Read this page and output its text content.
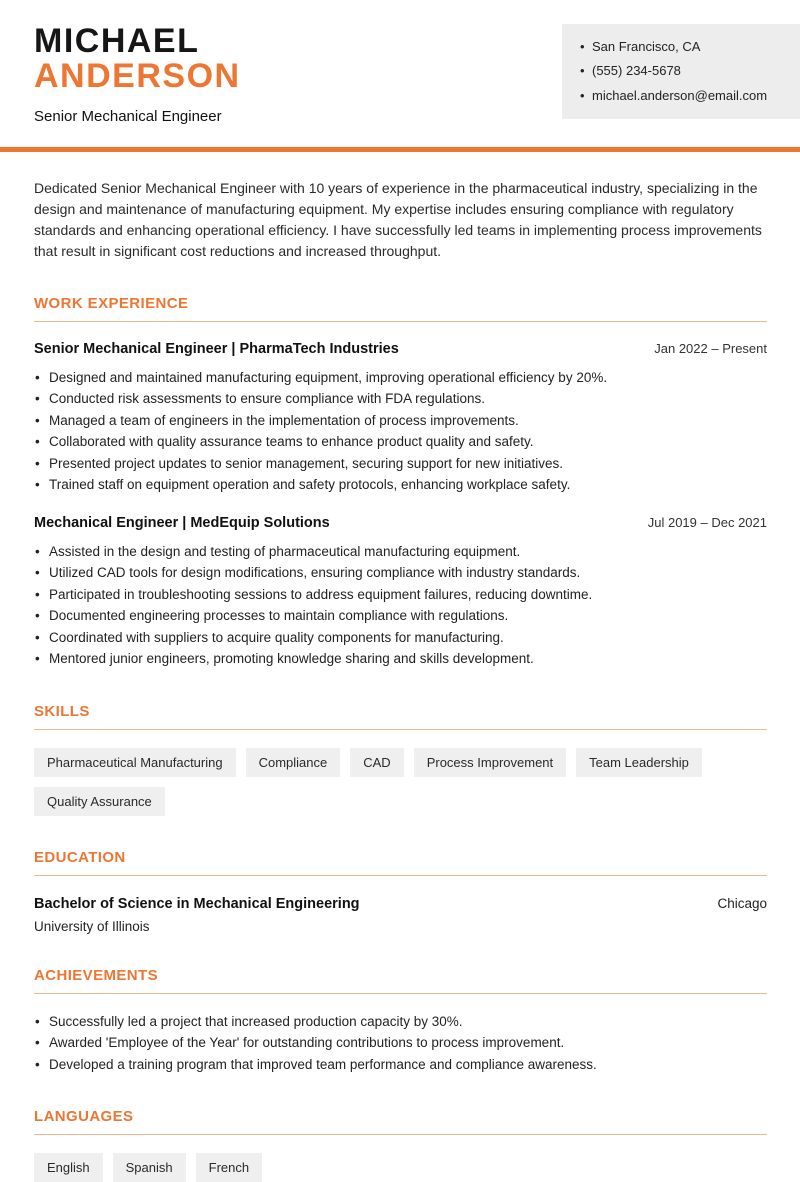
MICHAEL
ANDERSON
Senior Mechanical Engineer
• San Francisco, CA
• (555) 234-5678
• michael.anderson@email.com

Dedicated Senior Mechanical Engineer with 10 years of experience in the pharmaceutical industry, specializing in the design and maintenance of manufacturing equipment. My expertise includes ensuring compliance with regulatory standards and enhancing operational efficiency. I have successfully led teams in implementing process improvements that result in significant cost reductions and increased throughput.

WORK EXPERIENCE
Senior Mechanical Engineer | PharmaTech Industries	Jan 2022 – Present
• Designed and maintained manufacturing equipment, improving operational efficiency by 20%.
• Conducted risk assessments to ensure compliance with FDA regulations.
• Managed a team of engineers in the implementation of process improvements.
• Collaborated with quality assurance teams to enhance product quality and safety.
• Presented project updates to senior management, securing support for new initiatives.
• Trained staff on equipment operation and safety protocols, enhancing workplace safety.
Mechanical Engineer | MedEquip Solutions	Jul 2019 – Dec 2021
• Assisted in the design and testing of pharmaceutical manufacturing equipment.
• Utilized CAD tools for design modifications, ensuring compliance with industry standards.
• Participated in troubleshooting sessions to address equipment failures, reducing downtime.
• Documented engineering processes to maintain compliance with regulations.
• Coordinated with suppliers to acquire quality components for manufacturing.
• Mentored junior engineers, promoting knowledge sharing and skills development.
SKILLS
Pharmaceutical Manufacturing	Compliance	CAD	Process Improvement	Team Leadership
Quality Assurance
EDUCATION
Bachelor of Science in Mechanical Engineering	Chicago
University of Illinois
ACHIEVEMENTS
• Successfully led a project that increased production capacity by 30%.
• Awarded 'Employee of the Year' for outstanding contributions to process improvement.
• Developed a training program that improved team performance and compliance awareness.
LANGUAGES
English	Spanish	French
